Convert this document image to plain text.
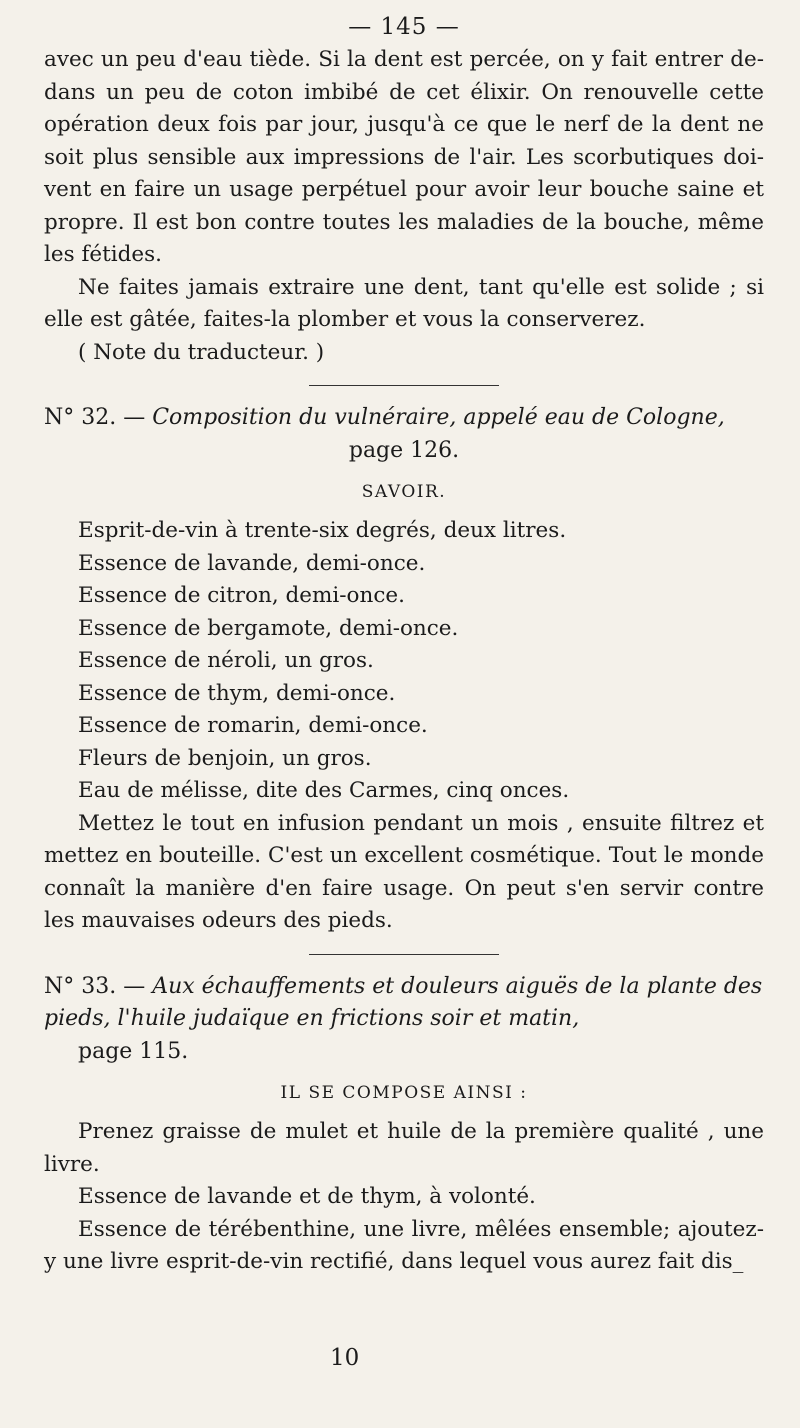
— 145 —

avec un peu d'eau tiède. Si la dent est percée, on y fait entrer de-dans un peu de coton imbibé de cet élixir. On renouvelle cette opération deux fois par jour, jusqu'à ce que le nerf de la dent ne soit plus sensible aux impressions de l'air. Les scorbutiques doi-vent en faire un usage perpétuel pour avoir leur bouche saine et propre. Il est bon contre toutes les maladies de la bouche, même les fétides.

Ne faites jamais extraire une dent, tant qu'elle est solide ; si elle est gâtée, faites-la plomber et vous la conserverez.

( Note du traducteur. )

N° 32. — Composition du vulnéraire, appelé eau de Cologne,

page 126.

SAVOIR.

Esprit-de-vin à trente-six degrés, deux litres.

Essence de lavande, demi-once.

Essence de citron, demi-once.

Essence de bergamote, demi-once.

Essence de néroli, un gros.

Essence de thym, demi-once.

Essence de romarin, demi-once.

Fleurs de benjoin, un gros.

Eau de mélisse, dite des Carmes, cinq onces.

Mettez le tout en infusion pendant un mois , ensuite filtrez et mettez en bouteille. C'est un excellent cosmétique. Tout le monde connaît la manière d'en faire usage. On peut s'en servir contre les mauvaises odeurs des pieds.

N° 33. — Aux échauffements et douleurs aiguës de la plante des pieds, l'huile judaïque en frictions soir et matin,

page 115.

IL SE COMPOSE AINSI :

Prenez graisse de mulet et huile de la première qualité , une livre.

Essence de lavande et de thym, à volonté.

Essence de térébenthine, une livre, mêlées ensemble; ajoutez-y une livre esprit-de-vin rectifié, dans lequel vous aurez fait dis_

10
